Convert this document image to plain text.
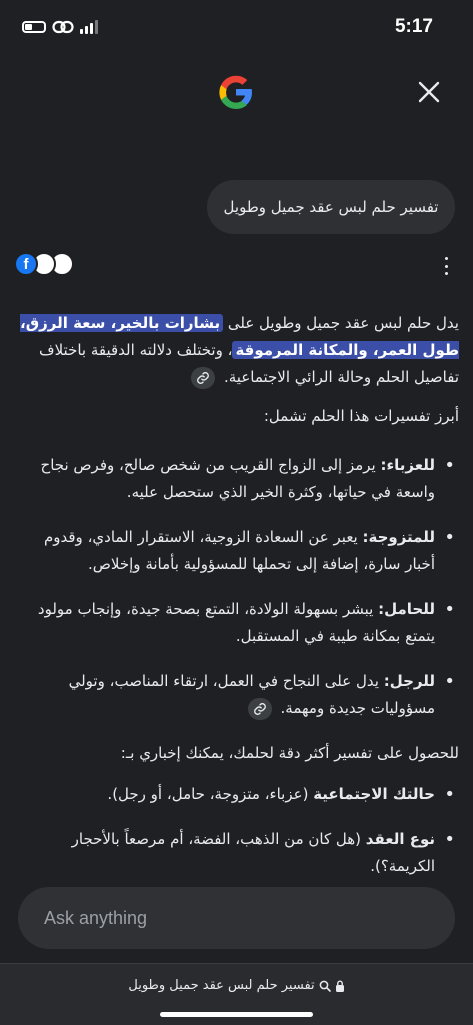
5:17
تفسير حلم لبس عقد جميل وطويل
f

يدل حلم لبس عقد جميل وطويل على بشارات بالخير، سعة الرزق، طول العمر، والمكانة المرموقة، وتختلف دلالته الدقيقة باختلاف تفاصيل الحلم وحالة الرائي الاجتماعية.

أبرز تفسيرات هذا الحلم تشمل:

• للعزباء: يرمز إلى الزواج القريب من شخص صالح، وفرص نجاح واسعة في حياتها، وكثرة الخير الذي ستحصل عليه.
• للمتزوجة: يعبر عن السعادة الزوجية، الاستقرار المادي، وقدوم أخبار سارة، إضافة إلى تحملها للمسؤولية بأمانة وإخلاص.
• للحامل: يبشر بسهولة الولادة، التمتع بصحة جيدة، وإنجاب مولود يتمتع بمكانة طيبة في المستقبل.
• للرجل: يدل على النجاح في العمل، ارتقاء المناصب، وتولي مسؤوليات جديدة ومهمة.

للحصول على تفسير أكثر دقة لحلمك، يمكنك إخباري بـ:

• حالتك الاجتماعية (عزباء، متزوجة، حامل، أو رجل).
• نوع العقد (هل كان من الذهب، الفضة، أم مرصعاً بالأحجار الكريمة؟).
Ask anything
تفسير حلم لبس عقد جميل وطويل
